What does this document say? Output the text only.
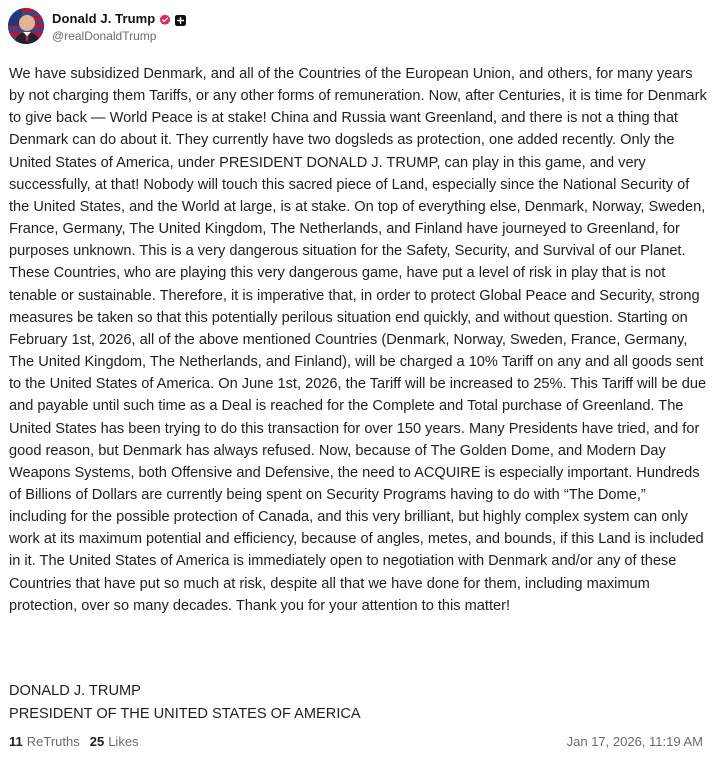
Donald J. Trump
@realDonaldTrump

We have subsidized Denmark, and all of the Countries of the European Union, and others, for many years by not charging them Tariffs, or any other forms of remuneration. Now, after Centuries, it is time for Denmark to give back — World Peace is at stake! China and Russia want Greenland, and there is not a thing that Denmark can do about it. They currently have two dogsleds as protection, one added recently. Only the United States of America, under PRESIDENT DONALD J. TRUMP, can play in this game, and very successfully, at that! Nobody will touch this sacred piece of Land, especially since the National Security of the United States, and the World at large, is at stake. On top of everything else, Denmark, Norway, Sweden, France, Germany, The United Kingdom, The Netherlands, and Finland have journeyed to Greenland, for purposes unknown. This is a very dangerous situation for the Safety, Security, and Survival of our Planet. These Countries, who are playing this very dangerous game, have put a level of risk in play that is not tenable or sustainable. Therefore, it is imperative that, in order to protect Global Peace and Security, strong measures be taken so that this potentially perilous situation end quickly, and without question. Starting on February 1st, 2026, all of the above mentioned Countries (Denmark, Norway, Sweden, France, Germany, The United Kingdom, The Netherlands, and Finland), will be charged a 10% Tariff on any and all goods sent to the United States of America. On June 1st, 2026, the Tariff will be increased to 25%. This Tariff will be due and payable until such time as a Deal is reached for the Complete and Total purchase of Greenland. The United States has been trying to do this transaction for over 150 years. Many Presidents have tried, and for good reason, but Denmark has always refused. Now, because of The Golden Dome, and Modern Day Weapons Systems, both Offensive and Defensive, the need to ACQUIRE is especially important. Hundreds of Billions of Dollars are currently being spent on Security Programs having to do with “The Dome,” including for the possible protection of Canada, and this very brilliant, but highly complex system can only work at its maximum potential and efficiency, because of angles, metes, and bounds, if this Land is included in it. The United States of America is immediately open to negotiation with Denmark and/or any of these Countries that have put so much at risk, despite all that we have done for them, including maximum protection, over so many decades. Thank you for your attention to this matter!

DONALD J. TRUMP
PRESIDENT OF THE UNITED STATES OF AMERICA
11 ReTruths 25 Likes	Jan 17, 2026, 11:19 AM
